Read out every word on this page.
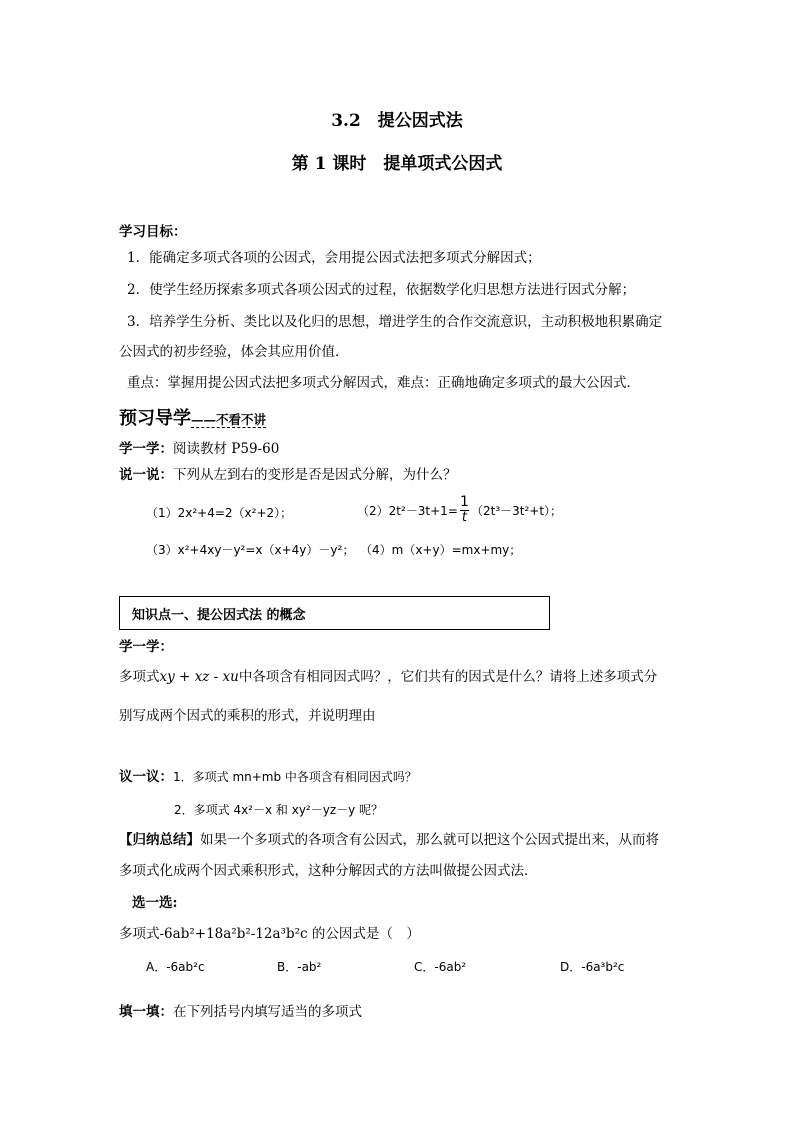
3.2　提公因式法
第 1 课时　提单项式公因式
学习目标：
1．能确定多项式各项的公因式，会用提公因式法把多项式分解因式；
2．使学生经历探索多项式各项公因式的过程，依据数学化归思想方法进行因式分解；
3．培养学生分析、类比以及化归的思想，增进学生的合作交流意识，主动积极地积累确定
公因式的初步经验，体会其应用价值．
重点：掌握用提公因式法把多项式分解因式，难点：正确地确定多项式的最大公因式．
预习导学——不看不讲
学一学：阅读教材 P59-60
说一说：下列从左到右的变形是否是因式分解，为什么？
（1）2x²+4=2（x²+2）；	$(2)2t^2-3t+1= \frac{1}{t} (2t^3-3t^2+t)$；
（3）x²+4xy－y²=x（x+4y）－y²； （4）m（x+y）=mx+my；
知识点一、提公因式法 的概念
学一学：
多项式xy + xz - xu中各项含有相同因式吗？，它们共有的因式是什么？请将上述多项式分
别写成两个因式的乘积的形式，并说明理由
议一议：1．多项式 mn+mb 中各项含有相同因式吗？
2．多项式 4x²－x 和 xy²－yz－y 呢？
【归纳总结】如果一个多项式的各项含有公因式，那么就可以把这个公因式提出来，从而将
多项式化成两个因式乘积形式，这种分解因式的方法叫做提公因式法．
选一选:
多项式-6ab²+18a²b²-12a³b²c 的公因式是（　）
A．-6ab²c	B．-ab²	C．-6ab²	D．-6a³b²c
填一填：在下列括号内填写适当的多项式
